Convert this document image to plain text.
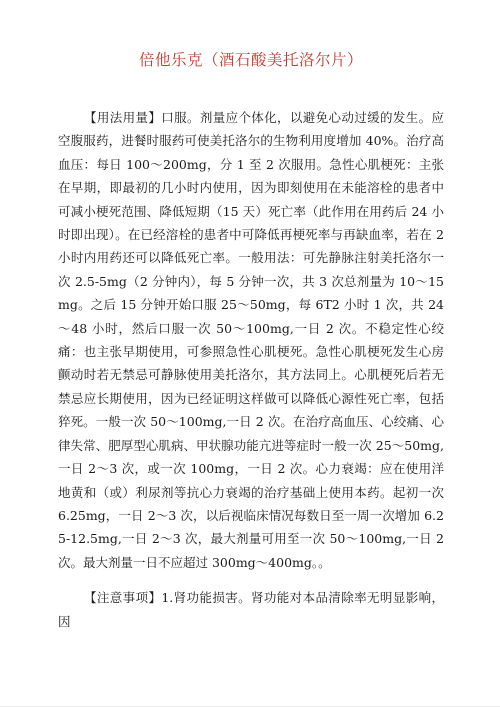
倍他乐克（酒石酸美托洛尔片）

【用法用量】口服。剂量应个体化，以避免心动过缓的发生。应空腹服药，进餐时服药可使美托洛尔的生物利用度增加 40%。治疗高血压：每日 100～200mg，分 1 至 2 次服用。急性心肌梗死：主张在早期，即最初的几小时内使用，因为即刻使用在未能溶栓的患者中可减小梗死范围、降低短期（15 天）死亡率（此作用在用药后 24 小时即出现）。在已经溶栓的患者中可降低再梗死率与再缺血率，若在 2 小时内用药还可以降低死亡率。一般用法：可先静脉注射美托洛尔一次 2.5-5mg（2 分钟内），每 5 分钟一次，共 3 次总剂量为 10～15mg。之后 15 分钟开始口服 25～50mg，每 6T2 小时 1 次，共 24～48 小时，然后口服一次 50～100mg,一日 2 次。不稳定性心绞痛：也主张早期使用，可参照急性心肌梗死。急性心肌梗死发生心房颤动时若无禁忌可静脉使用美托洛尔，其方法同上。心肌梗死后若无禁忌应长期使用，因为已经证明这样做可以降低心源性死亡率，包括猝死。一般一次 50～100mg,一日 2 次。在治疗高血压、心绞痛、心律失常、肥厚型心肌病、甲状腺功能亢进等症时一般一次 25～50mg,一日 2～3 次，或一次 100mg，一日 2 次。心力衰竭：应在使用洋地黄和（或）利尿剂等抗心力衰竭的治疗基础上使用本药。起初一次 6.25mg，一日 2～3 次，以后视临床情况每数日至一周一次增加 6.25-12.5mg,一日 2～3 次，最大剂量可用至一次 50～100mg,一日 2 次。最大剂量一日不应超过 300mg～400mg。。

【注意事项】1.肾功能损害。肾功能对本品清除率无明显影响，因
